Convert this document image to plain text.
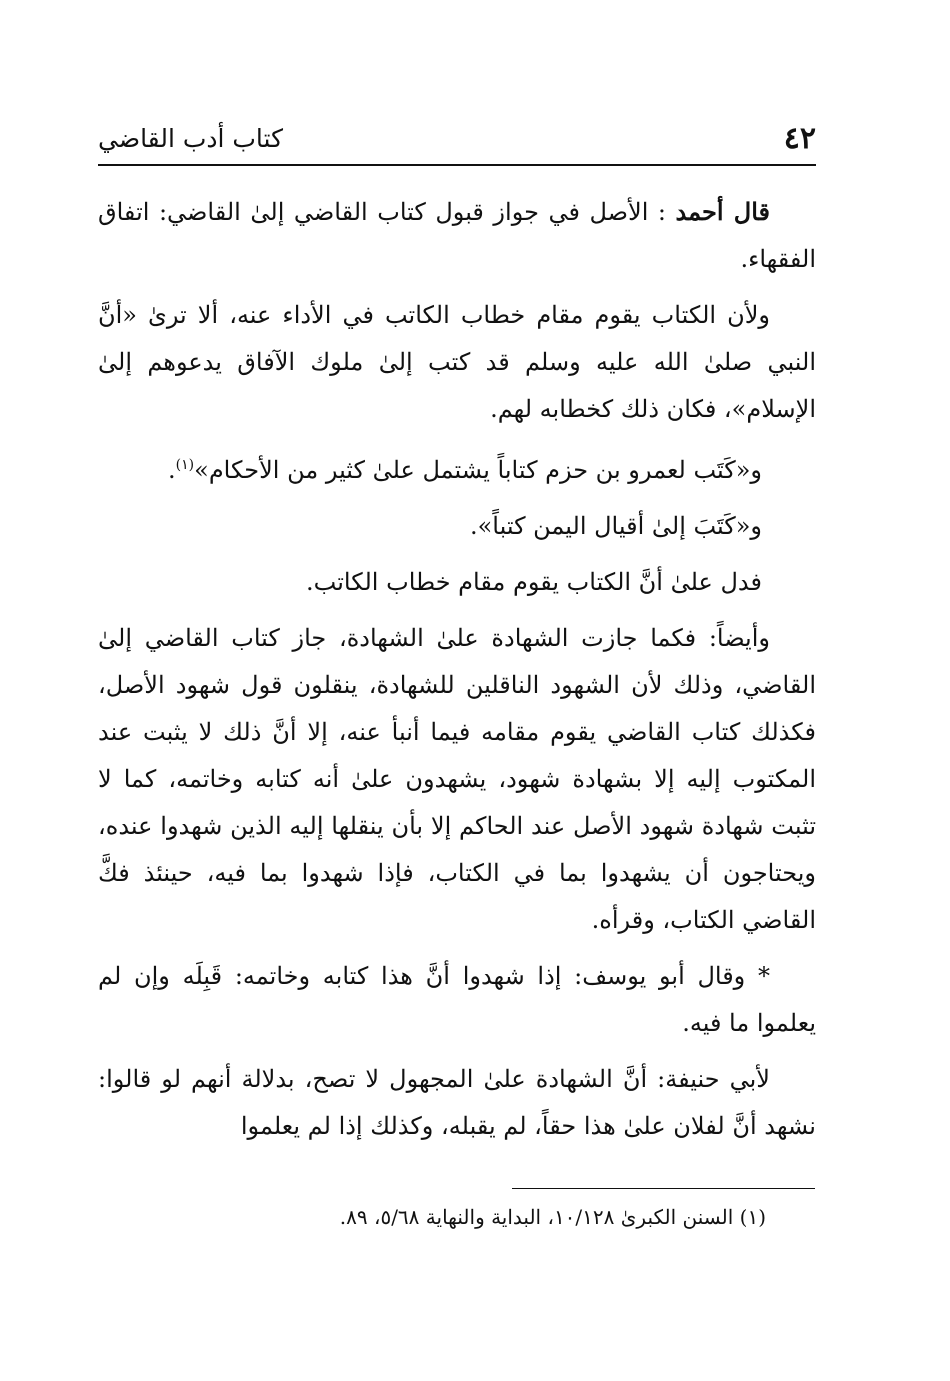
٤٢
كتاب أدب القاضي

قال أحمد : الأصل في جواز قبول كتاب القاضي إلىٰ القاضي: اتفاق الفقهاء.

ولأن الكتاب يقوم مقام خطاب الكاتب في الأداء عنه، ألا ترىٰ «أنَّ النبي صلىٰ الله عليه وسلم قد كتب إلىٰ ملوك الآفاق يدعوهم إلىٰ الإسلام»، فكان ذلك كخطابه لهم.

و«كَتَب لعمرو بن حزم كتاباً يشتمل علىٰ كثير من الأحكام»$^{(١)}$.

و«كَتَبَ إلىٰ أقيال اليمن كتباً».

فدل علىٰ أنَّ الكتاب يقوم مقام خطاب الكاتب.

وأيضاً: فكما جازت الشهادة علىٰ الشهادة، جاز كتاب القاضي إلىٰ القاضي، وذلك لأن الشهود الناقلين للشهادة، ينقلون قول شهود الأصل، فكذلك كتاب القاضي يقوم مقامه فيما أنبأ عنه، إلا أنَّ ذلك لا يثبت عند المكتوب إليه إلا بشهادة شهود، يشهدون علىٰ أنه كتابه وخاتمه، كما لا تثبت شهادة شهود الأصل عند الحاكم إلا بأن ينقلها إليه الذين شهدوا عنده، ويحتاجون أن يشهدوا بما في الكتاب، فإذا شهدوا بما فيه، حينئذ فكَّ القاضي الكتاب، وقرأه.

* وقال أبو يوسف: إذا شهدوا أنَّ هذا كتابه وخاتمه: قَبِلَه وإن لم يعلموا ما فيه.

لأبي حنيفة: أنَّ الشهادة علىٰ المجهول لا تصح، بدلالة أنهم لو قالوا: نشهد أنَّ لفلان علىٰ هذا حقاً، لم يقبله، وكذلك إذا لم يعلموا

(١) السنن الكبرىٰ ١٠/١٢٨، البداية والنهاية ٥/٦٨، ٨٩.
